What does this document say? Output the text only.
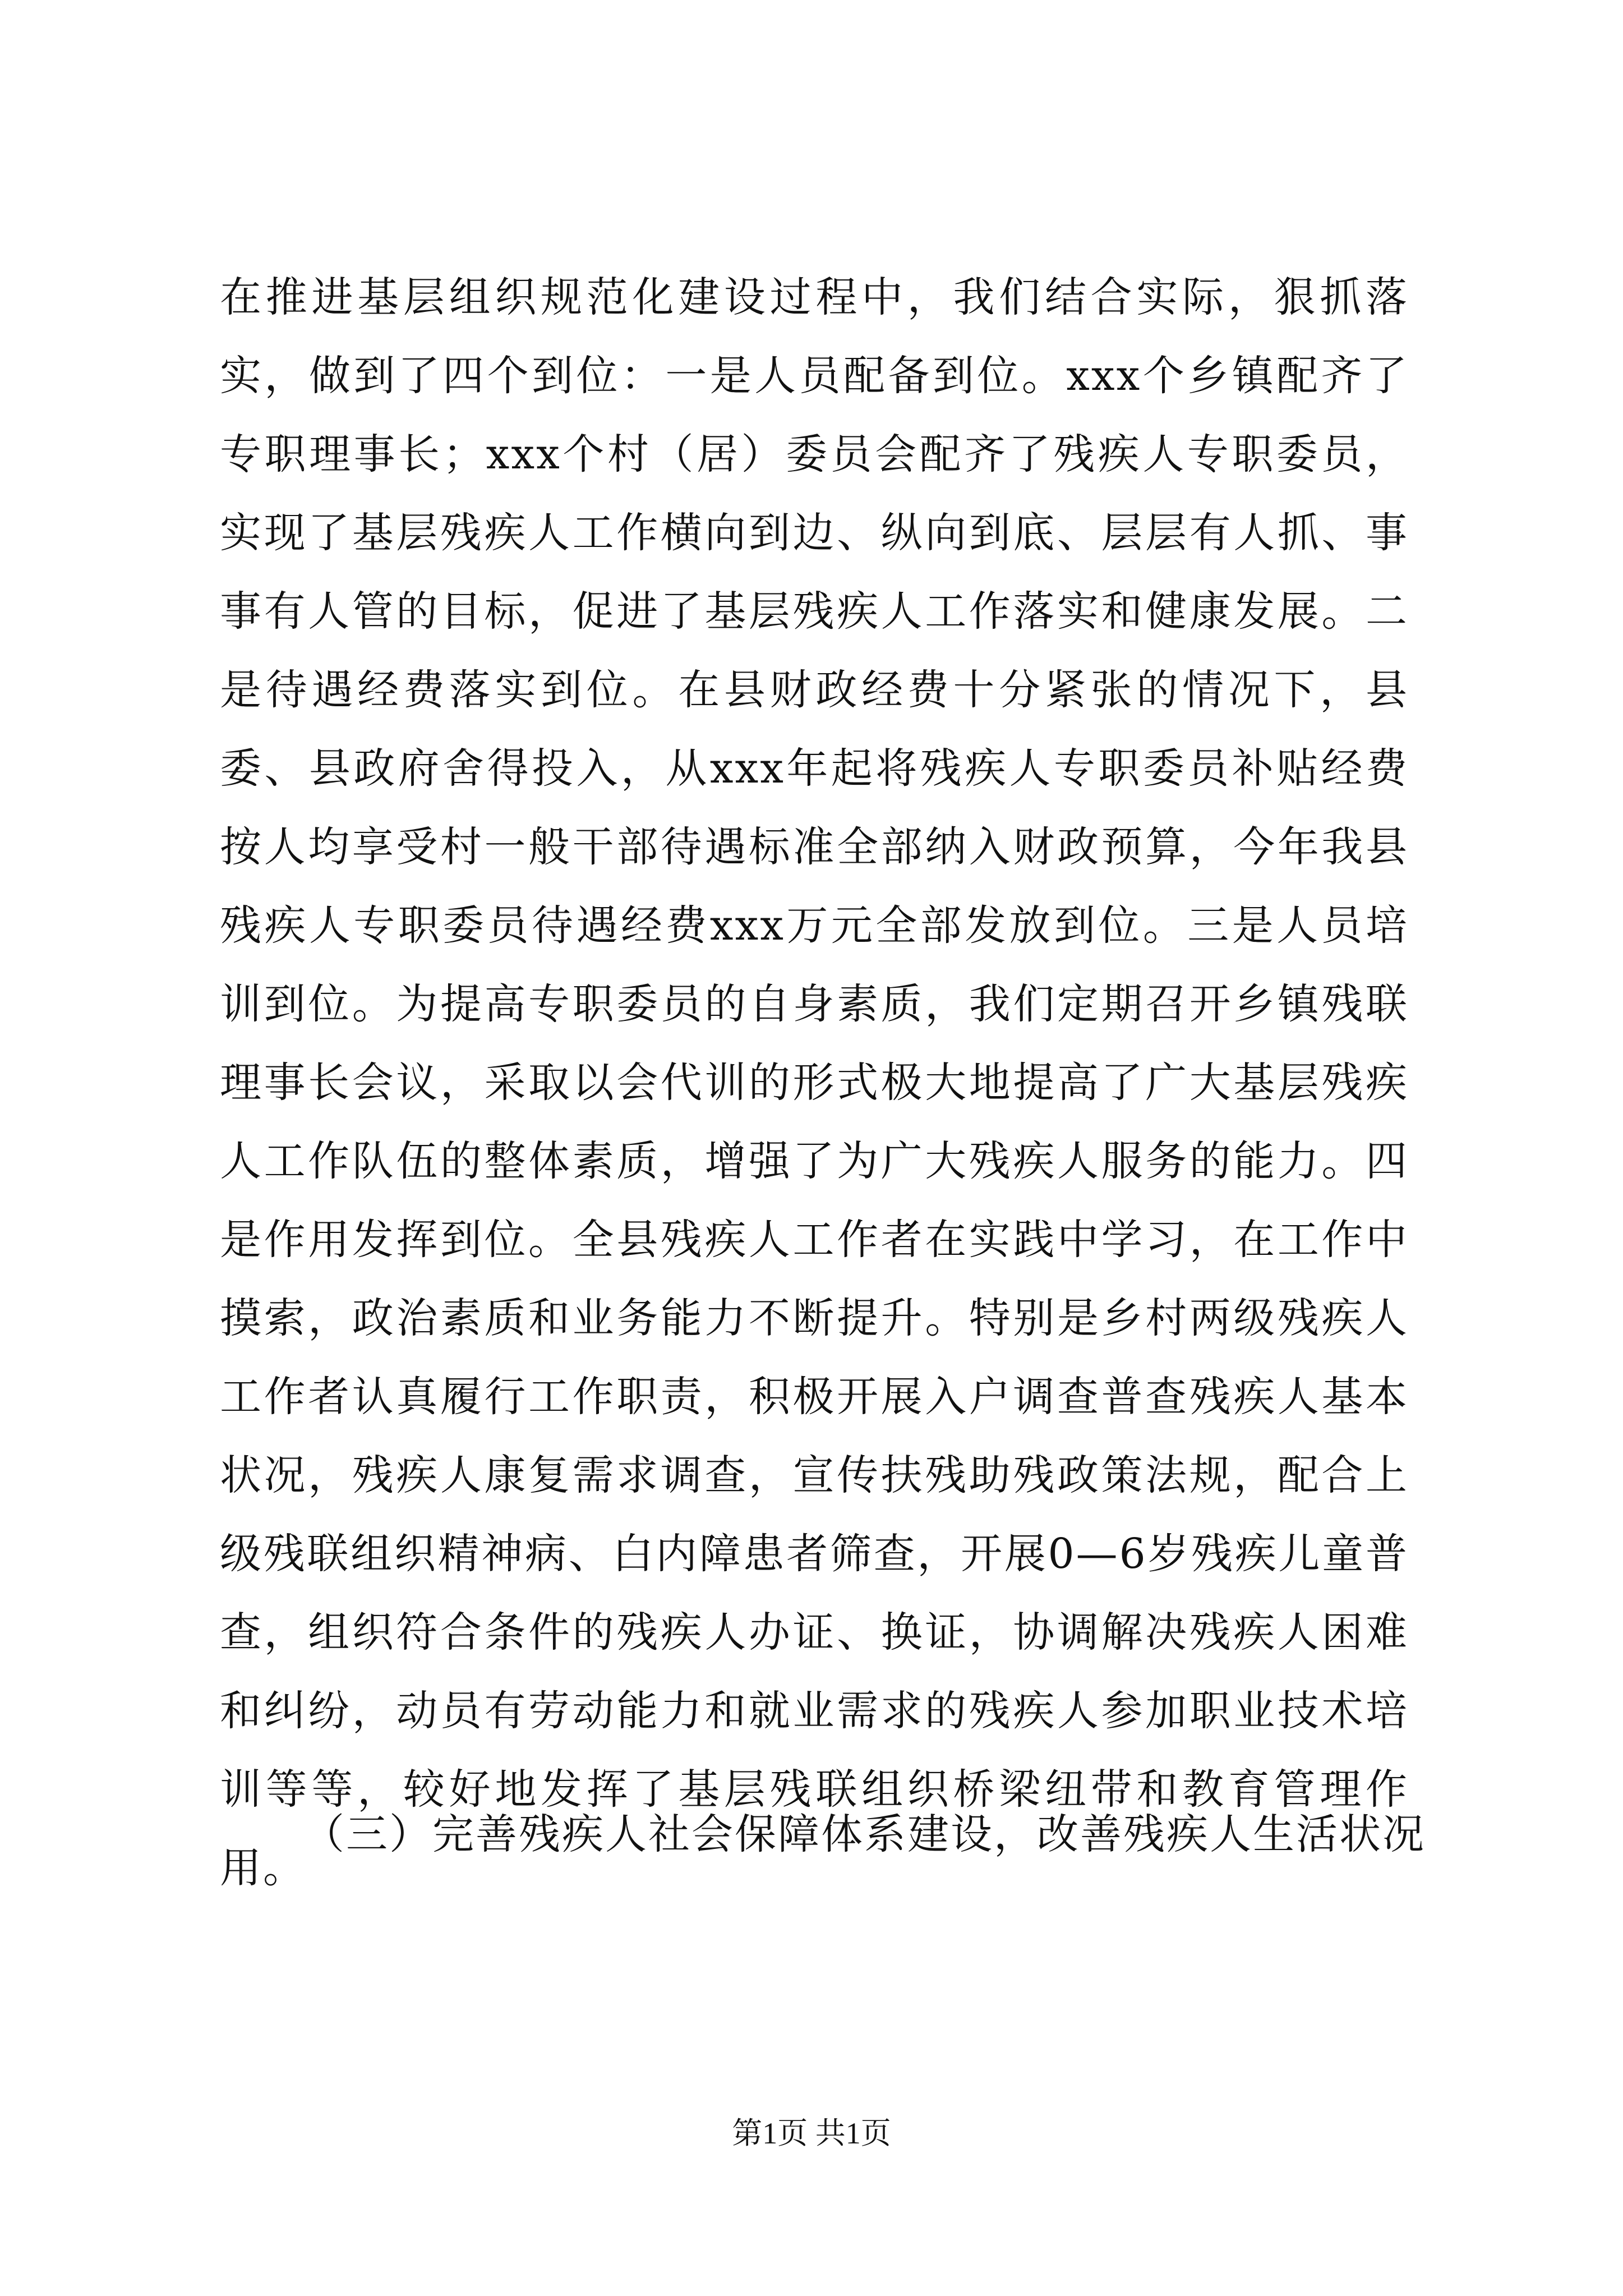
在推进基层组织规范化建设过程中，我们结合实际，狠抓落实，做到了四个到位：一是人员配备到位。xxx个乡镇配齐了专职理事长；xxx个村（居）委员会配齐了残疾人专职委员，实现了基层残疾人工作横向到边、纵向到底、层层有人抓、事事有人管的目标，促进了基层残疾人工作落实和健康发展。二是待遇经费落实到位。在县财政经费十分紧张的情况下，县委、县政府舍得投入，从xxx年起将残疾人专职委员补贴经费按人均享受村一般干部待遇标准全部纳入财政预算，今年我县残疾人专职委员待遇经费xxx万元全部发放到位。三是人员培训到位。为提高专职委员的自身素质，我们定期召开乡镇残联理事长会议，采取以会代训的形式极大地提高了广大基层残疾人工作队伍的整体素质，增强了为广大残疾人服务的能力。四是作用发挥到位。全县残疾人工作者在实践中学习，在工作中摸索，政治素质和业务能力不断提升。特别是乡村两级残疾人工作者认真履行工作职责，积极开展入户调查普查残疾人基本状况，残疾人康复需求调查，宣传扶残助残政策法规，配合上级残联组织精神病、白内障患者筛查，开展0—6岁残疾儿童普查，组织符合条件的残疾人办证、换证，协调解决残疾人困难和纠纷，动员有劳动能力和就业需求的残疾人参加职业技术培训等等，较好地发挥了基层残联组织桥梁纽带和教育管理作用。

（三）完善残疾人社会保障体系建设，改善残疾人生活状况
第1页 共1页
